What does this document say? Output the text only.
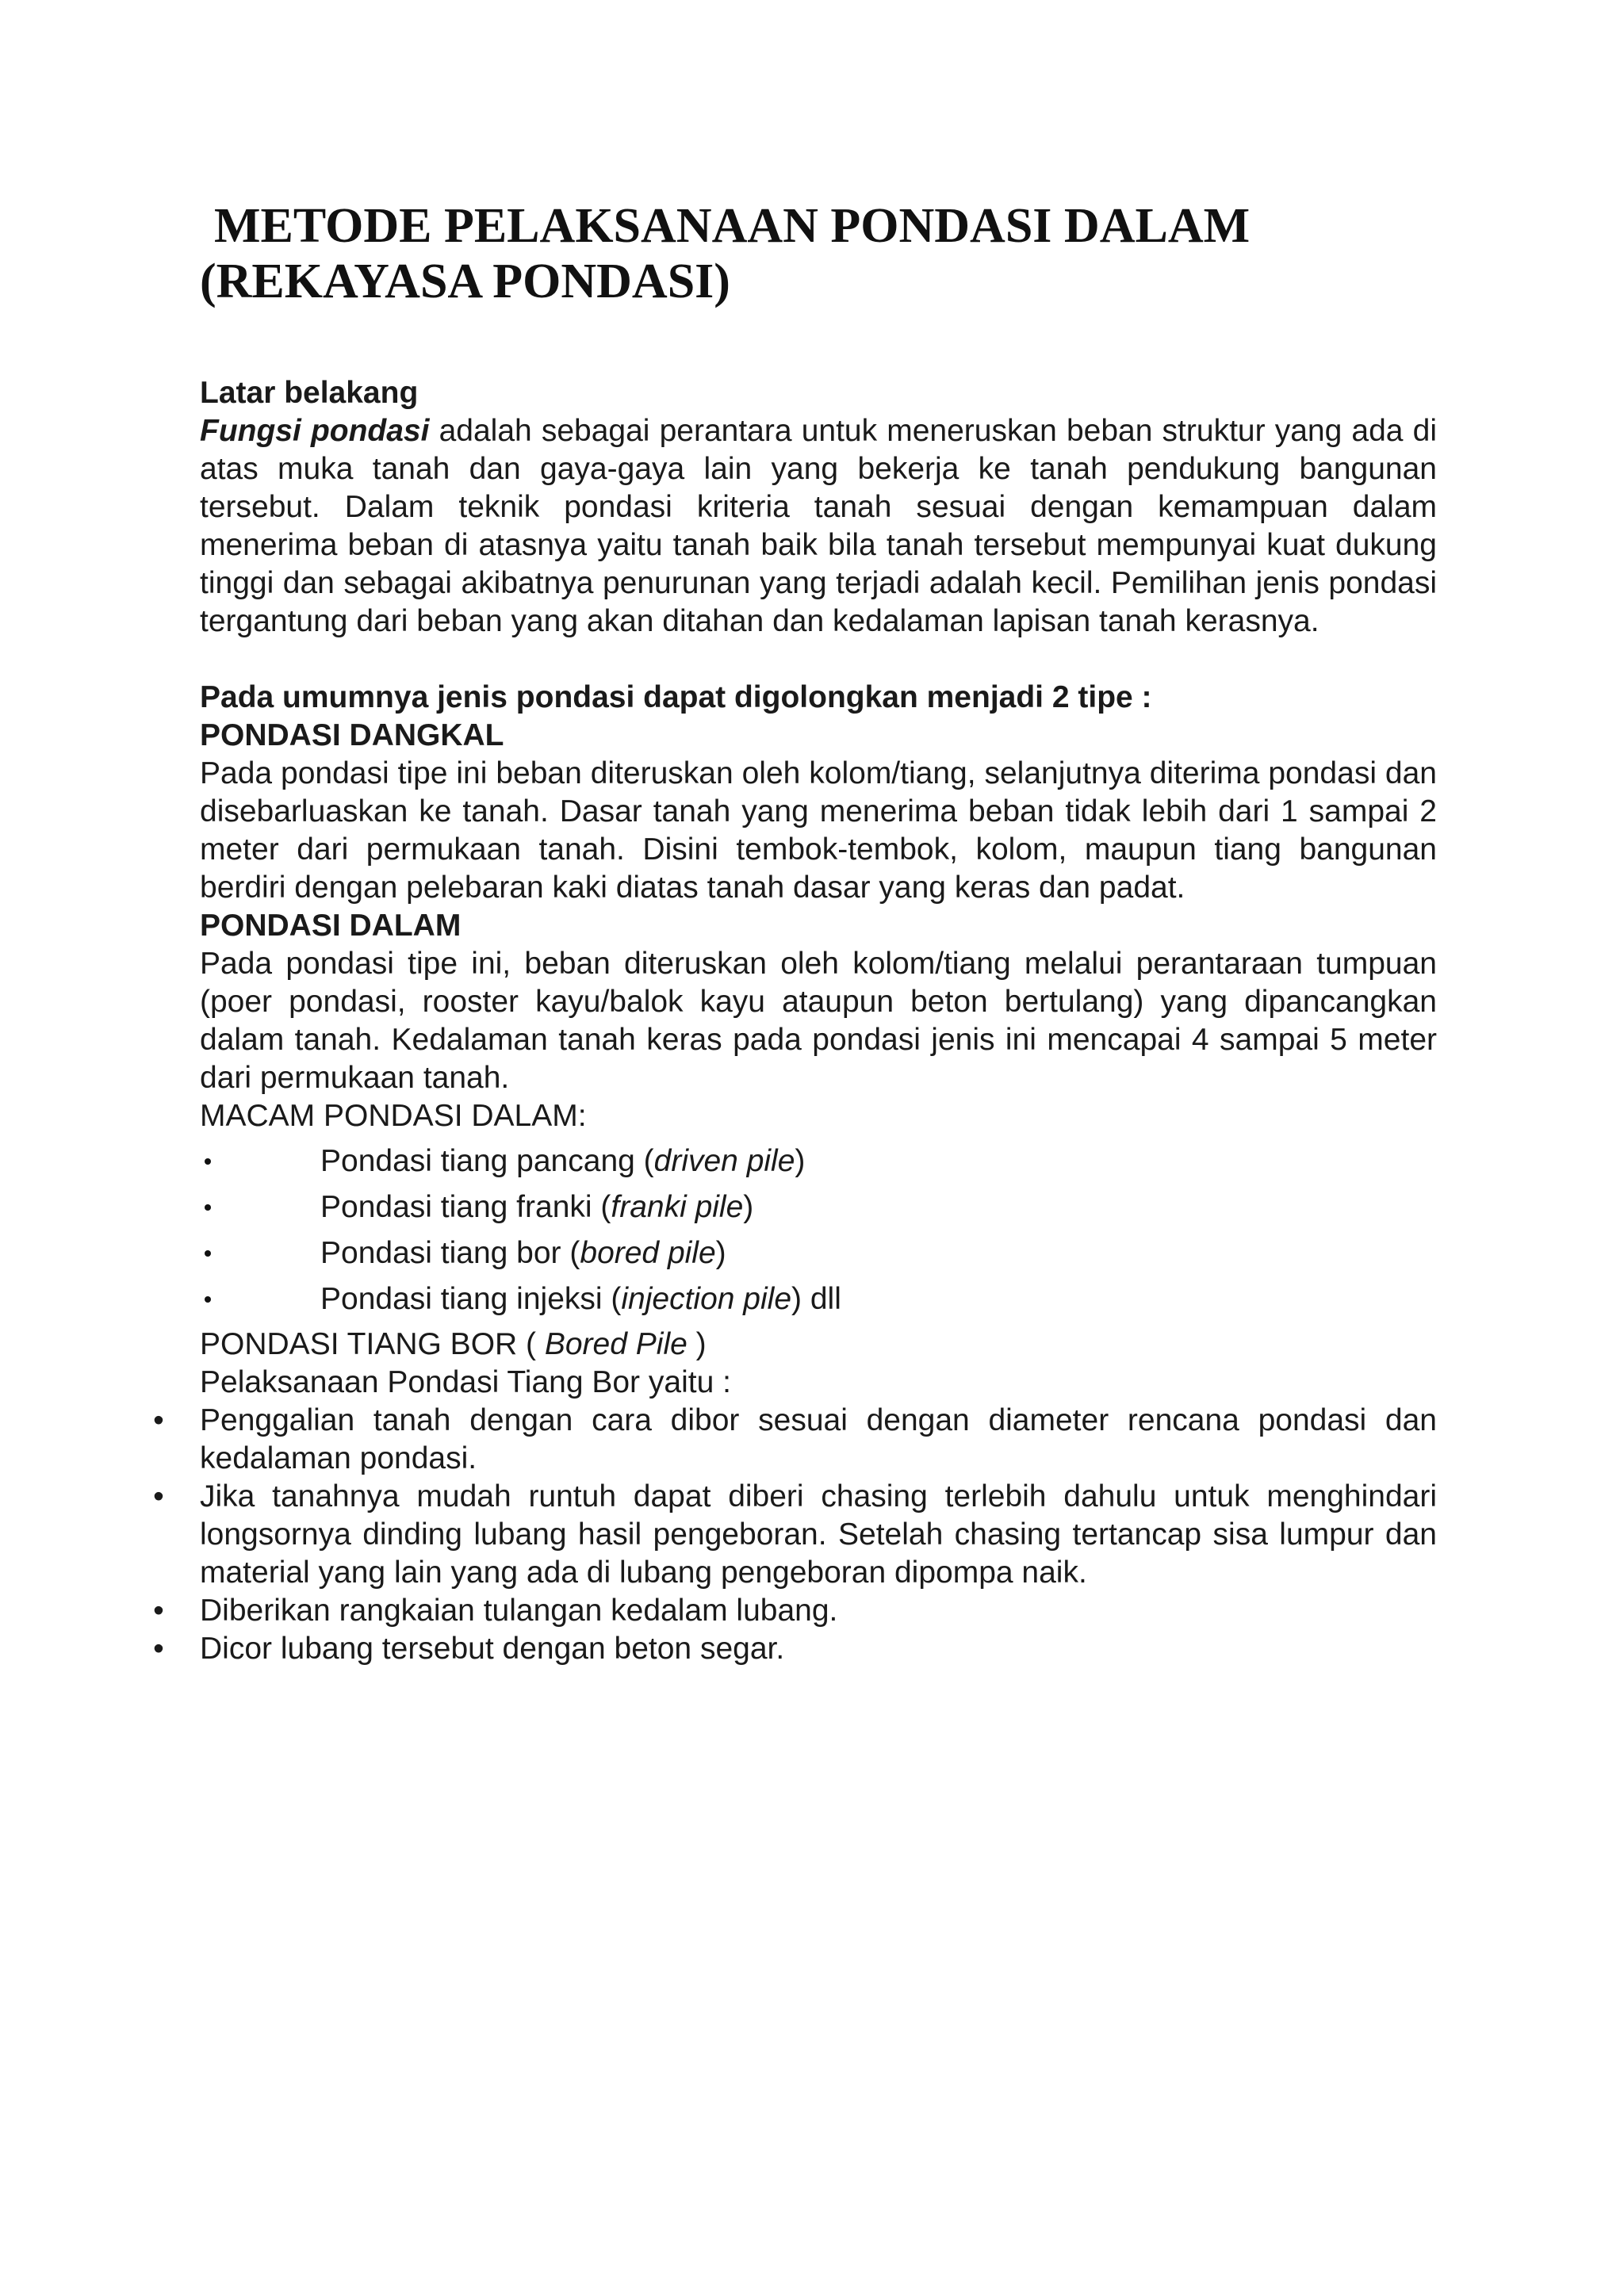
METODE PELAKSANAAN PONDASI DALAM
(REKAYASA PONDASI)
Latar belakang
Fungsi pondasi adalah sebagai perantara untuk meneruskan beban struktur yang ada di atas muka tanah dan gaya-gaya lain yang bekerja ke tanah pendukung bangunan tersebut. Dalam teknik pondasi kriteria tanah sesuai dengan kemampuan dalam menerima beban di atasnya yaitu tanah baik bila tanah tersebut mempunyai kuat dukung tinggi dan sebagai akibatnya penurunan yang terjadi adalah kecil. Pemilihan jenis pondasi tergantung dari beban yang akan ditahan dan kedalaman lapisan tanah kerasnya.
Pada umumnya jenis pondasi dapat digolongkan menjadi 2 tipe :
PONDASI DANGKAL
Pada pondasi tipe ini beban diteruskan oleh kolom/tiang, selanjutnya diterima pondasi dan disebarluaskan ke tanah. Dasar tanah yang menerima beban tidak lebih dari 1 sampai 2 meter dari permukaan tanah. Disini tembok-tembok, kolom, maupun tiang bangunan berdiri dengan pelebaran kaki diatas tanah dasar yang keras dan padat.
PONDASI DALAM
Pada pondasi tipe ini, beban diteruskan oleh kolom/tiang melalui perantaraan tumpuan (poer pondasi, rooster kayu/balok kayu ataupun beton bertulang) yang dipancangkan dalam tanah. Kedalaman tanah keras pada pondasi jenis ini mencapai 4 sampai 5 meter dari permukaan tanah.
MACAM PONDASI DALAM:
Pondasi tiang pancang (driven pile)
Pondasi tiang franki (franki pile)
Pondasi tiang bor (bored pile)
Pondasi tiang injeksi (injection pile) dll
PONDASI TIANG BOR ( Bored Pile )
Pelaksanaan Pondasi Tiang Bor yaitu :
• Penggalian tanah dengan cara dibor sesuai dengan diameter rencana pondasi dan kedalaman pondasi.
• Jika tanahnya mudah runtuh dapat diberi chasing terlebih dahulu untuk menghindari longsornya dinding lubang hasil pengeboran. Setelah chasing tertancap sisa lumpur dan material yang lain yang ada di lubang pengeboran dipompa naik.
• Diberikan rangkaian tulangan kedalam lubang.
• Dicor lubang tersebut dengan beton segar.
